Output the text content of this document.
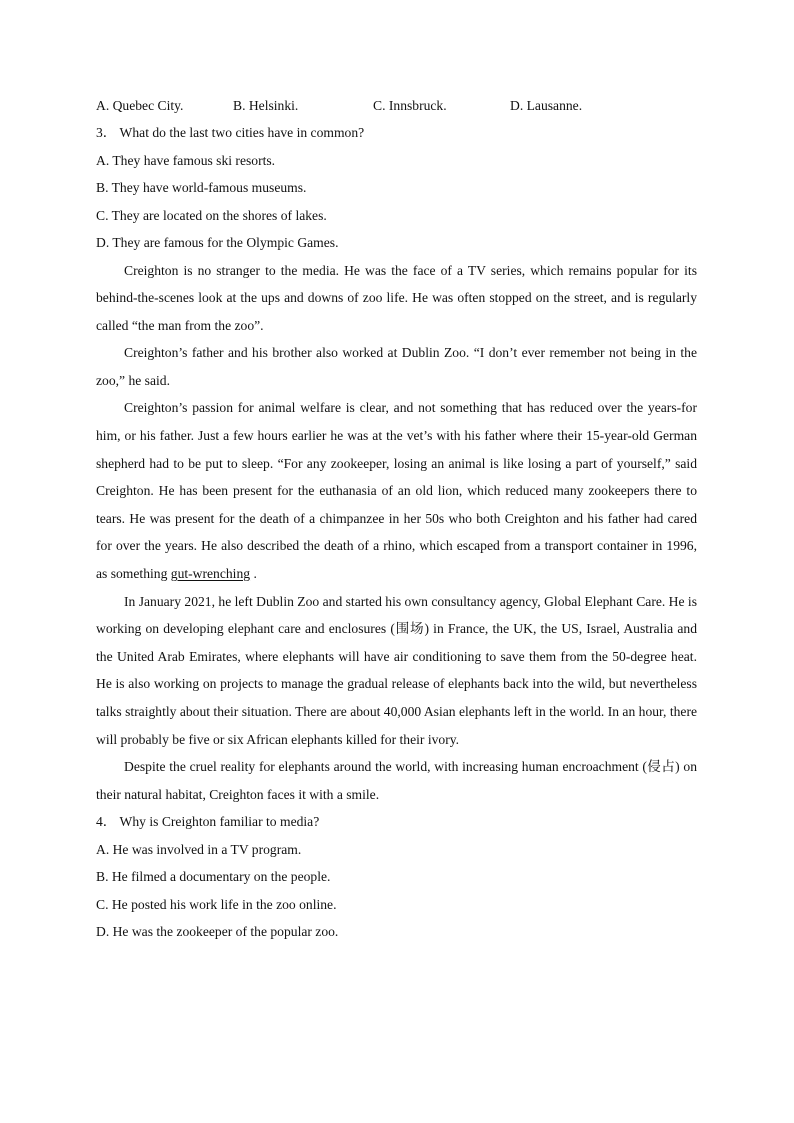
A. Quebec City.	B. Helsinki.	C. Innsbruck.	D. Lausanne.
3． What do the last two cities have in common?
A. They have famous ski resorts.
B. They have world-famous museums.
C. They are located on the shores of lakes.
D. They are famous for the Olympic Games.

Creighton is no stranger to the media. He was the face of a TV series, which remains popular for its behind-the-scenes look at the ups and downs of zoo life. He was often stopped on the street, and is regularly called “the man from the zoo”.

Creighton’s father and his brother also worked at Dublin Zoo. “I don’t ever remember not being in the zoo,” he said.

Creighton’s passion for animal welfare is clear, and not something that has reduced over the years-for him, or his father. Just a few hours earlier he was at the vet’s with his father where their 15-year-old German shepherd had to be put to sleep. “For any zookeeper, losing an animal is like losing a part of yourself,” said Creighton. He has been present for the euthanasia of an old lion, which reduced many zookeepers there to tears. He was present for the death of a chimpanzee in her 50s who both Creighton and his father had cared for over the years. He also described the death of a rhino, which escaped from a transport container in 1996, as something gut-wrenching .

In January 2021, he left Dublin Zoo and started his own consultancy agency, Global Elephant Care. He is working on developing elephant care and enclosures (围场) in France, the UK, the US, Israel, Australia and the United Arab Emirates, where elephants will have air conditioning to save them from the 50-degree heat. He is also working on projects to manage the gradual release of elephants back into the wild, but nevertheless talks straightly about their situation. There are about 40,000 Asian elephants left in the world. In an hour, there will probably be five or six African elephants killed for their ivory.

Despite the cruel reality for elephants around the world, with increasing human encroachment (侵占) on their natural habitat, Creighton faces it with a smile.

4． Why is Creighton familiar to media?
A. He was involved in a TV program.
B. He filmed a documentary on the people.
C. He posted his work life in the zoo online.
D. He was the zookeeper of the popular zoo.
